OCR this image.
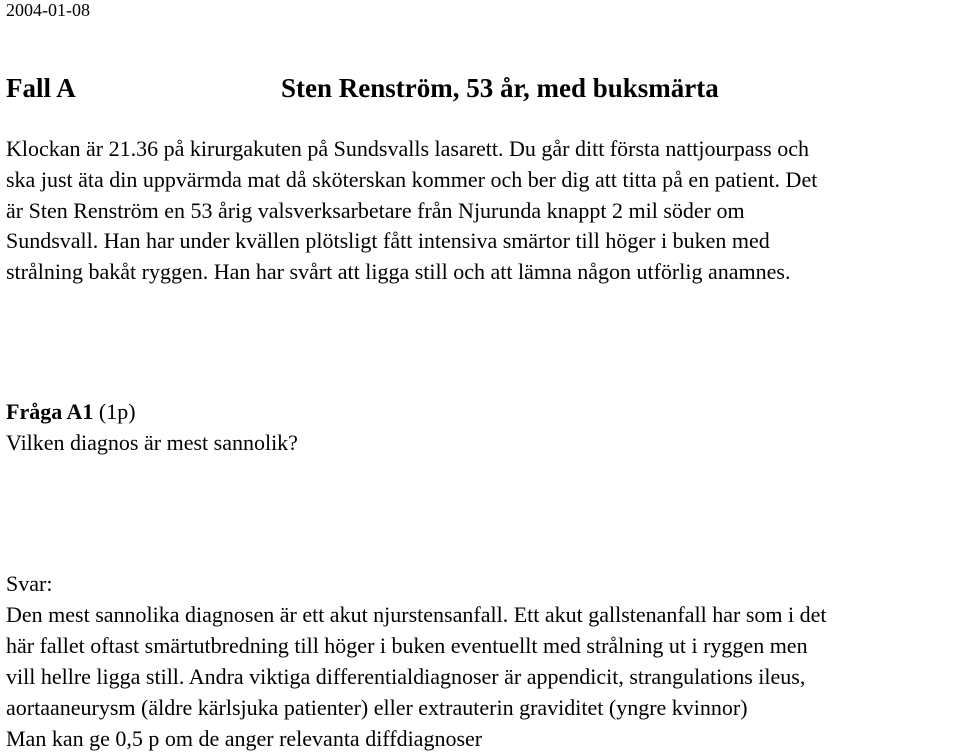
2004-01-08
Fall A	Sten Renström, 53 år, med buksmärta
Klockan är 21.36 på kirurgakuten på Sundsvalls lasarett. Du går ditt första nattjourpass och
ska just äta din uppvärmda mat då sköterskan kommer och ber dig att titta på en patient. Det
är Sten Renström en 53 årig valsverksarbetare från Njurunda knappt 2 mil söder om
Sundsvall. Han har under kvällen plötsligt fått intensiva smärtor till höger i buken med
strålning bakåt ryggen. Han har svårt att ligga still och att lämna någon utförlig anamnes.
Fråga A1 (1p)
Vilken diagnos är mest sannolik?
Svar:
Den mest sannolika diagnosen är ett akut njurstensanfall. Ett akut gallstenanfall har som i det
här fallet oftast smärtutbredning till höger i buken eventuellt med strålning ut i ryggen men
vill hellre ligga still. Andra viktiga differentialdiagnoser är appendicit, strangulations ileus,
aortaaneurysm (äldre kärlsjuka patienter) eller extrauterin graviditet (yngre kvinnor)
Man kan ge 0,5 p om de anger relevanta diffdiagnoser
